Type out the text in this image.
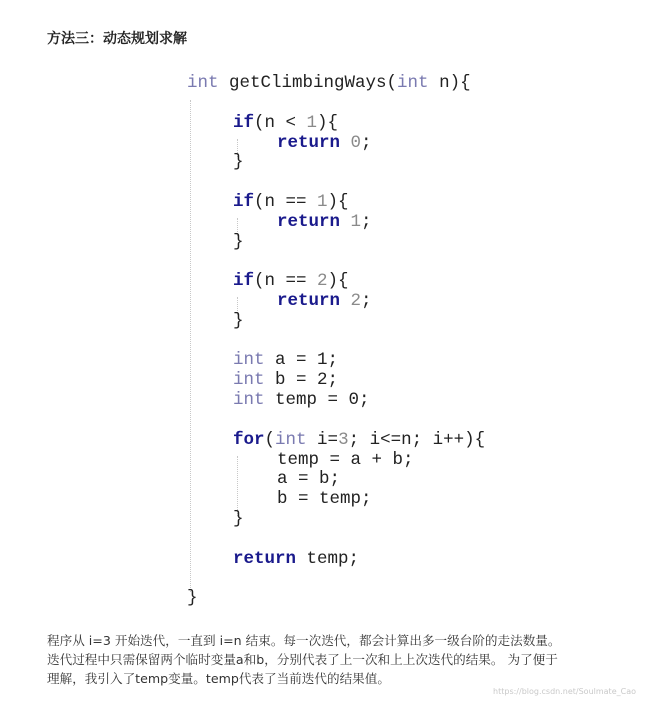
方法三：动态规划求解
int getClimbingWays(int n){
if(n < 1){
return 0;
}
if(n == 1){
return 1;
}
if(n == 2){
return 2;
}
int a = 1;
int b = 2;
int temp = 0;
for(int i=3; i<=n; i++){
temp = a + b;
a = b;
b = temp;
}
return temp;
}

程序从 i=3 开始迭代，一直到 i=n 结束。每一次迭代，都会计算出多一级台阶的走法数量。

迭代过程中只需保留两个临时变量a和b，分别代表了上一次和上上次迭代的结果。 为了便于

理解，我引入了temp变量。temp代表了当前迭代的结果值。

https://blog.csdn.net/Soulmate_Cao
